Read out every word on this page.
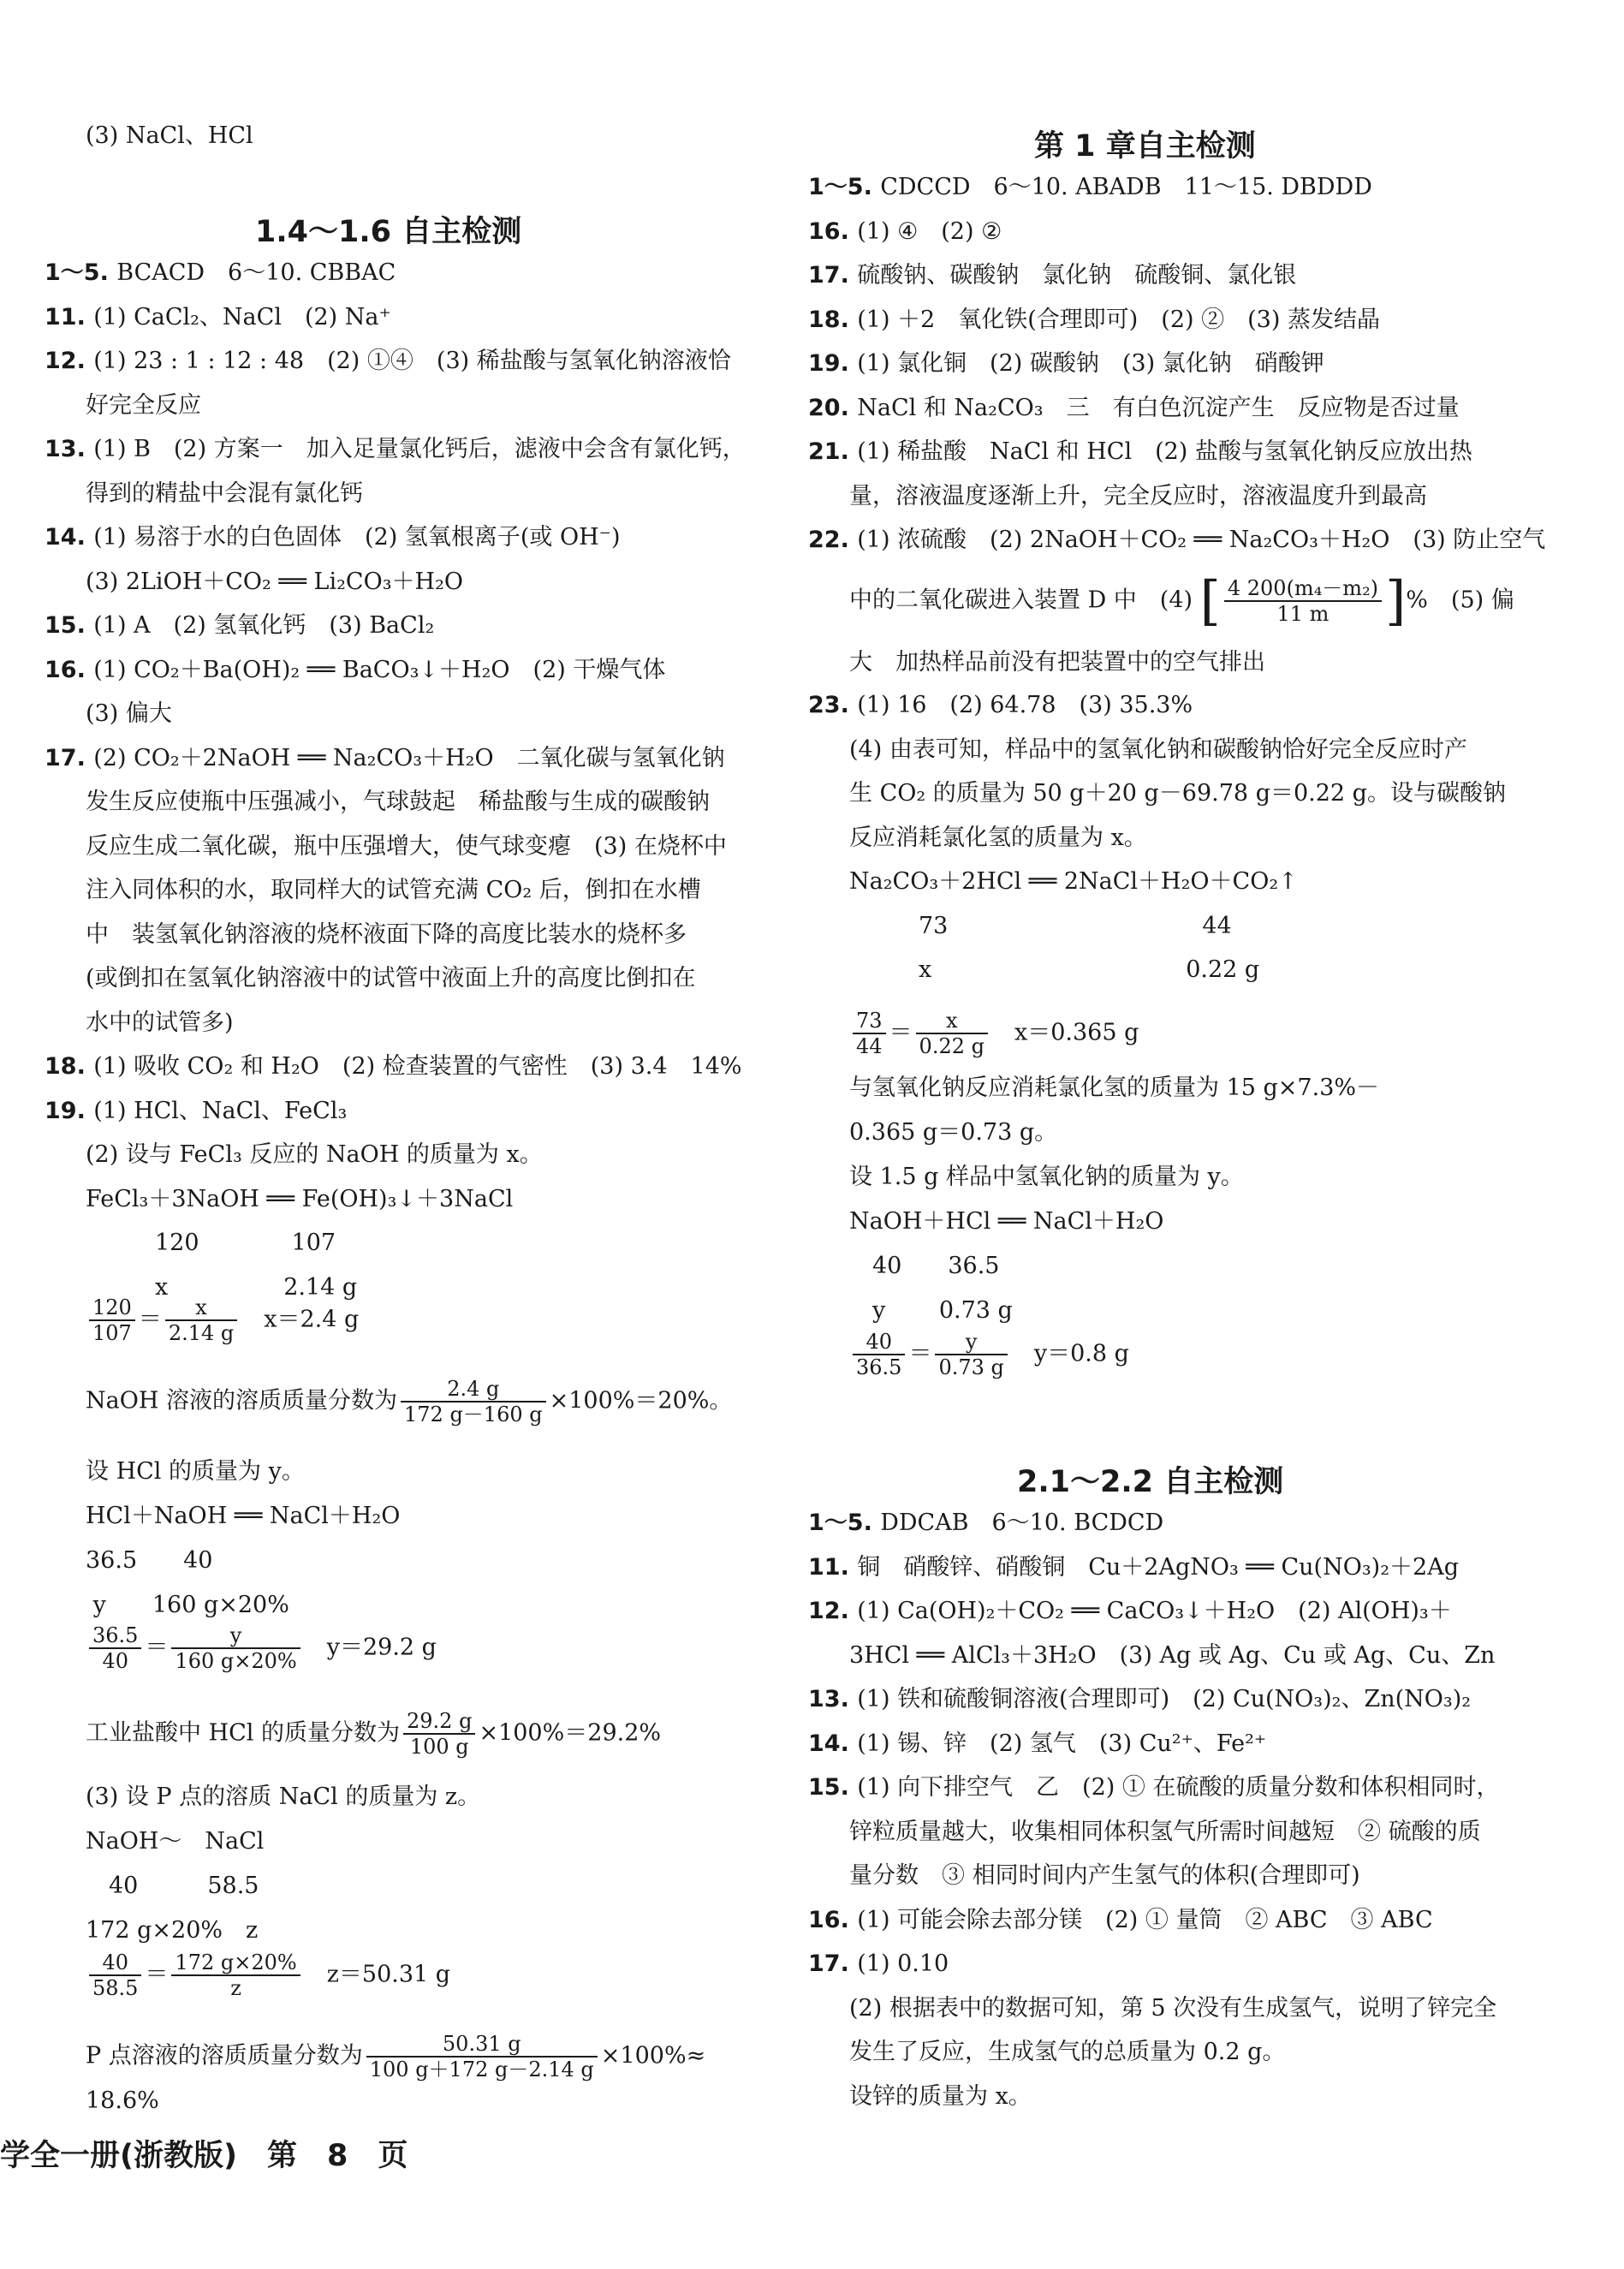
(3) NaCl、HCl
1.4～1.6 自主检测
1～5. BCACD　6～10. CBBAC
11. (1) CaCl₂、NaCl　(2) Na⁺
12. (1) 23 : 1 : 12 : 48　(2) ①④　(3) 稀盐酸与氢氧化钠溶液恰
好完全反应
13. (1) B　(2) 方案一　加入足量氯化钙后，滤液中会含有氯化钙，
得到的精盐中会混有氯化钙
14. (1) 易溶于水的白色固体　(2) 氢氧根离子(或 OH⁻)
(3) 2LiOH＋CO₂ ══ Li₂CO₃＋H₂O
15. (1) A　(2) 氢氧化钙　(3) BaCl₂
16. (1) CO₂＋Ba(OH)₂ ══ BaCO₃↓＋H₂O　(2) 干燥气体
(3) 偏大
17. (2) CO₂＋2NaOH ══ Na₂CO₃＋H₂O　二氧化碳与氢氧化钠
发生反应使瓶中压强减小，气球鼓起　稀盐酸与生成的碳酸钠
反应生成二氧化碳，瓶中压强增大，使气球变瘪　(3) 在烧杯中
注入同体积的水，取同样大的试管充满 CO₂ 后，倒扣在水槽
中　装氢氧化钠溶液的烧杯液面下降的高度比装水的烧杯多
(或倒扣在氢氧化钠溶液中的试管中液面上升的高度比倒扣在
水中的试管多)
18. (1) 吸收 CO₂ 和 H₂O　(2) 检查装置的气密性　(3) 3.4　14%
19. (1) HCl、NaCl、FeCl₃
(2) 设与 FeCl₃ 反应的 NaOH 的质量为 x。
FeCl₃＋3NaOH ══ Fe(OH)₃↓＋3NaCl
　　　120　　　　107
　　　x　　　　　2.14 g
$\frac{120}{107} = \frac{x}{2.14 g}$
　 x＝2.4 g
NaOH 溶液的溶质质量分数为 $\frac{2.4 g}{172 g-160 g} \times 100\%=20\%$。
设 HCl 的质量为 y。
HCl＋NaOH ══ NaCl＋H₂O
36.5　　40
y　　160 g×20%
$\frac{36.5}{40} = \frac{y}{160 g\times 20\%}$
　 y＝29.2 g
工业盐酸中 HCl 的质量分数为 $\frac{29.2 g}{100 g} \times 100\%=29.2\%$
(3) 设 P 点的溶质 NaCl 的质量为 z。
NaOH～　NaCl
　40　　　58.5
172 g×20%　z
$\frac{40}{58.5} = \frac{172 g\times 20\%}{z}$
　 z＝50.31 g
P 点溶液的溶质质量分数为 $\frac{50.31 g}{100 g+172 g-2.14 g} \times 100\%\approx$
18.6%
学全一册(浙教版)　第　8　页
第 1 章自主检测
1～5. CDCCD　6～10. ABADB　11～15. DBDDD
16. (1) ④　(2) ②
17. 硫酸钠、碳酸钠　氯化钠　硫酸铜、氯化银
18. (1) ＋2　氧化铁(合理即可)　(2) ②　(3) 蒸发结晶
19. (1) 氯化铜　(2) 碳酸钠　(3) 氯化钠　硝酸钾
20. NaCl 和 Na₂CO₃　三　有白色沉淀产生　反应物是否过量
21. (1) 稀盐酸　NaCl 和 HCl　(2) 盐酸与氢氧化钠反应放出热
量，溶液温度逐渐上升，完全反应时，溶液温度升到最高
22. (1) 浓硫酸　(2) 2NaOH＋CO₂ ══ Na₂CO₃＋H₂O　(3) 防止空气
中的二氧化碳进入装置 D 中　(4) [ $\frac{\text{4 200(m₄－m₂)}}{11 m}$ ]%　(5) 偏
大　加热样品前没有把装置中的空气排出
23. (1) 16　(2) 64.78　(3) 35.3%
(4) 由表可知，样品中的氢氧化钠和碳酸钠恰好完全反应时产
生 CO₂ 的质量为 50 g＋20 g－69.78 g＝0.22 g。设与碳酸钠
反应消耗氯化氢的质量为 x。
Na₂CO₃＋2HCl ══ 2NaCl＋H₂O＋CO₂↑
　　　73　　　　　　　　　　　44
　　　x　　　　　　　　　　　0.22 g
$\frac{73}{44} = \frac{x}{0.22 g}$
　 x＝0.365 g
与氢氧化钠反应消耗氯化氢的质量为 15 g×7.3%－
0.365 g＝0.73 g。
设 1.5 g 样品中氢氧化钠的质量为 y。
NaOH＋HCl ══ NaCl＋H₂O
　40　　36.5
　y　　 0.73 g
$\frac{40}{36.5} = \frac{y}{0.73 g}$
　 y＝0.8 g
2.1～2.2 自主检测
1～5. DDCAB　6～10. BCDCD
11. 铜　硝酸锌、硝酸铜　Cu＋2AgNO₃ ══ Cu(NO₃)₂＋2Ag
12. (1) Ca(OH)₂＋CO₂ ══ CaCO₃↓＋H₂O　(2) Al(OH)₃＋
3HCl ══ AlCl₃＋3H₂O　(3) Ag 或 Ag、Cu 或 Ag、Cu、Zn
13. (1) 铁和硫酸铜溶液(合理即可)　(2) Cu(NO₃)₂、Zn(NO₃)₂
14. (1) 锡、锌　(2) 氢气　(3) Cu²⁺、Fe²⁺
15. (1) 向下排空气　乙　(2) ① 在硫酸的质量分数和体积相同时，
锌粒质量越大，收集相同体积氢气所需时间越短　② 硫酸的质
量分数　③ 相同时间内产生氢气的体积(合理即可)
16. (1) 可能会除去部分镁　(2) ① 量筒　② ABC　③ ABC
17. (1) 0.10
(2) 根据表中的数据可知，第 5 次没有生成氢气，说明了锌完全
发生了反应，生成氢气的总质量为 0.2 g。
设锌的质量为 x。
